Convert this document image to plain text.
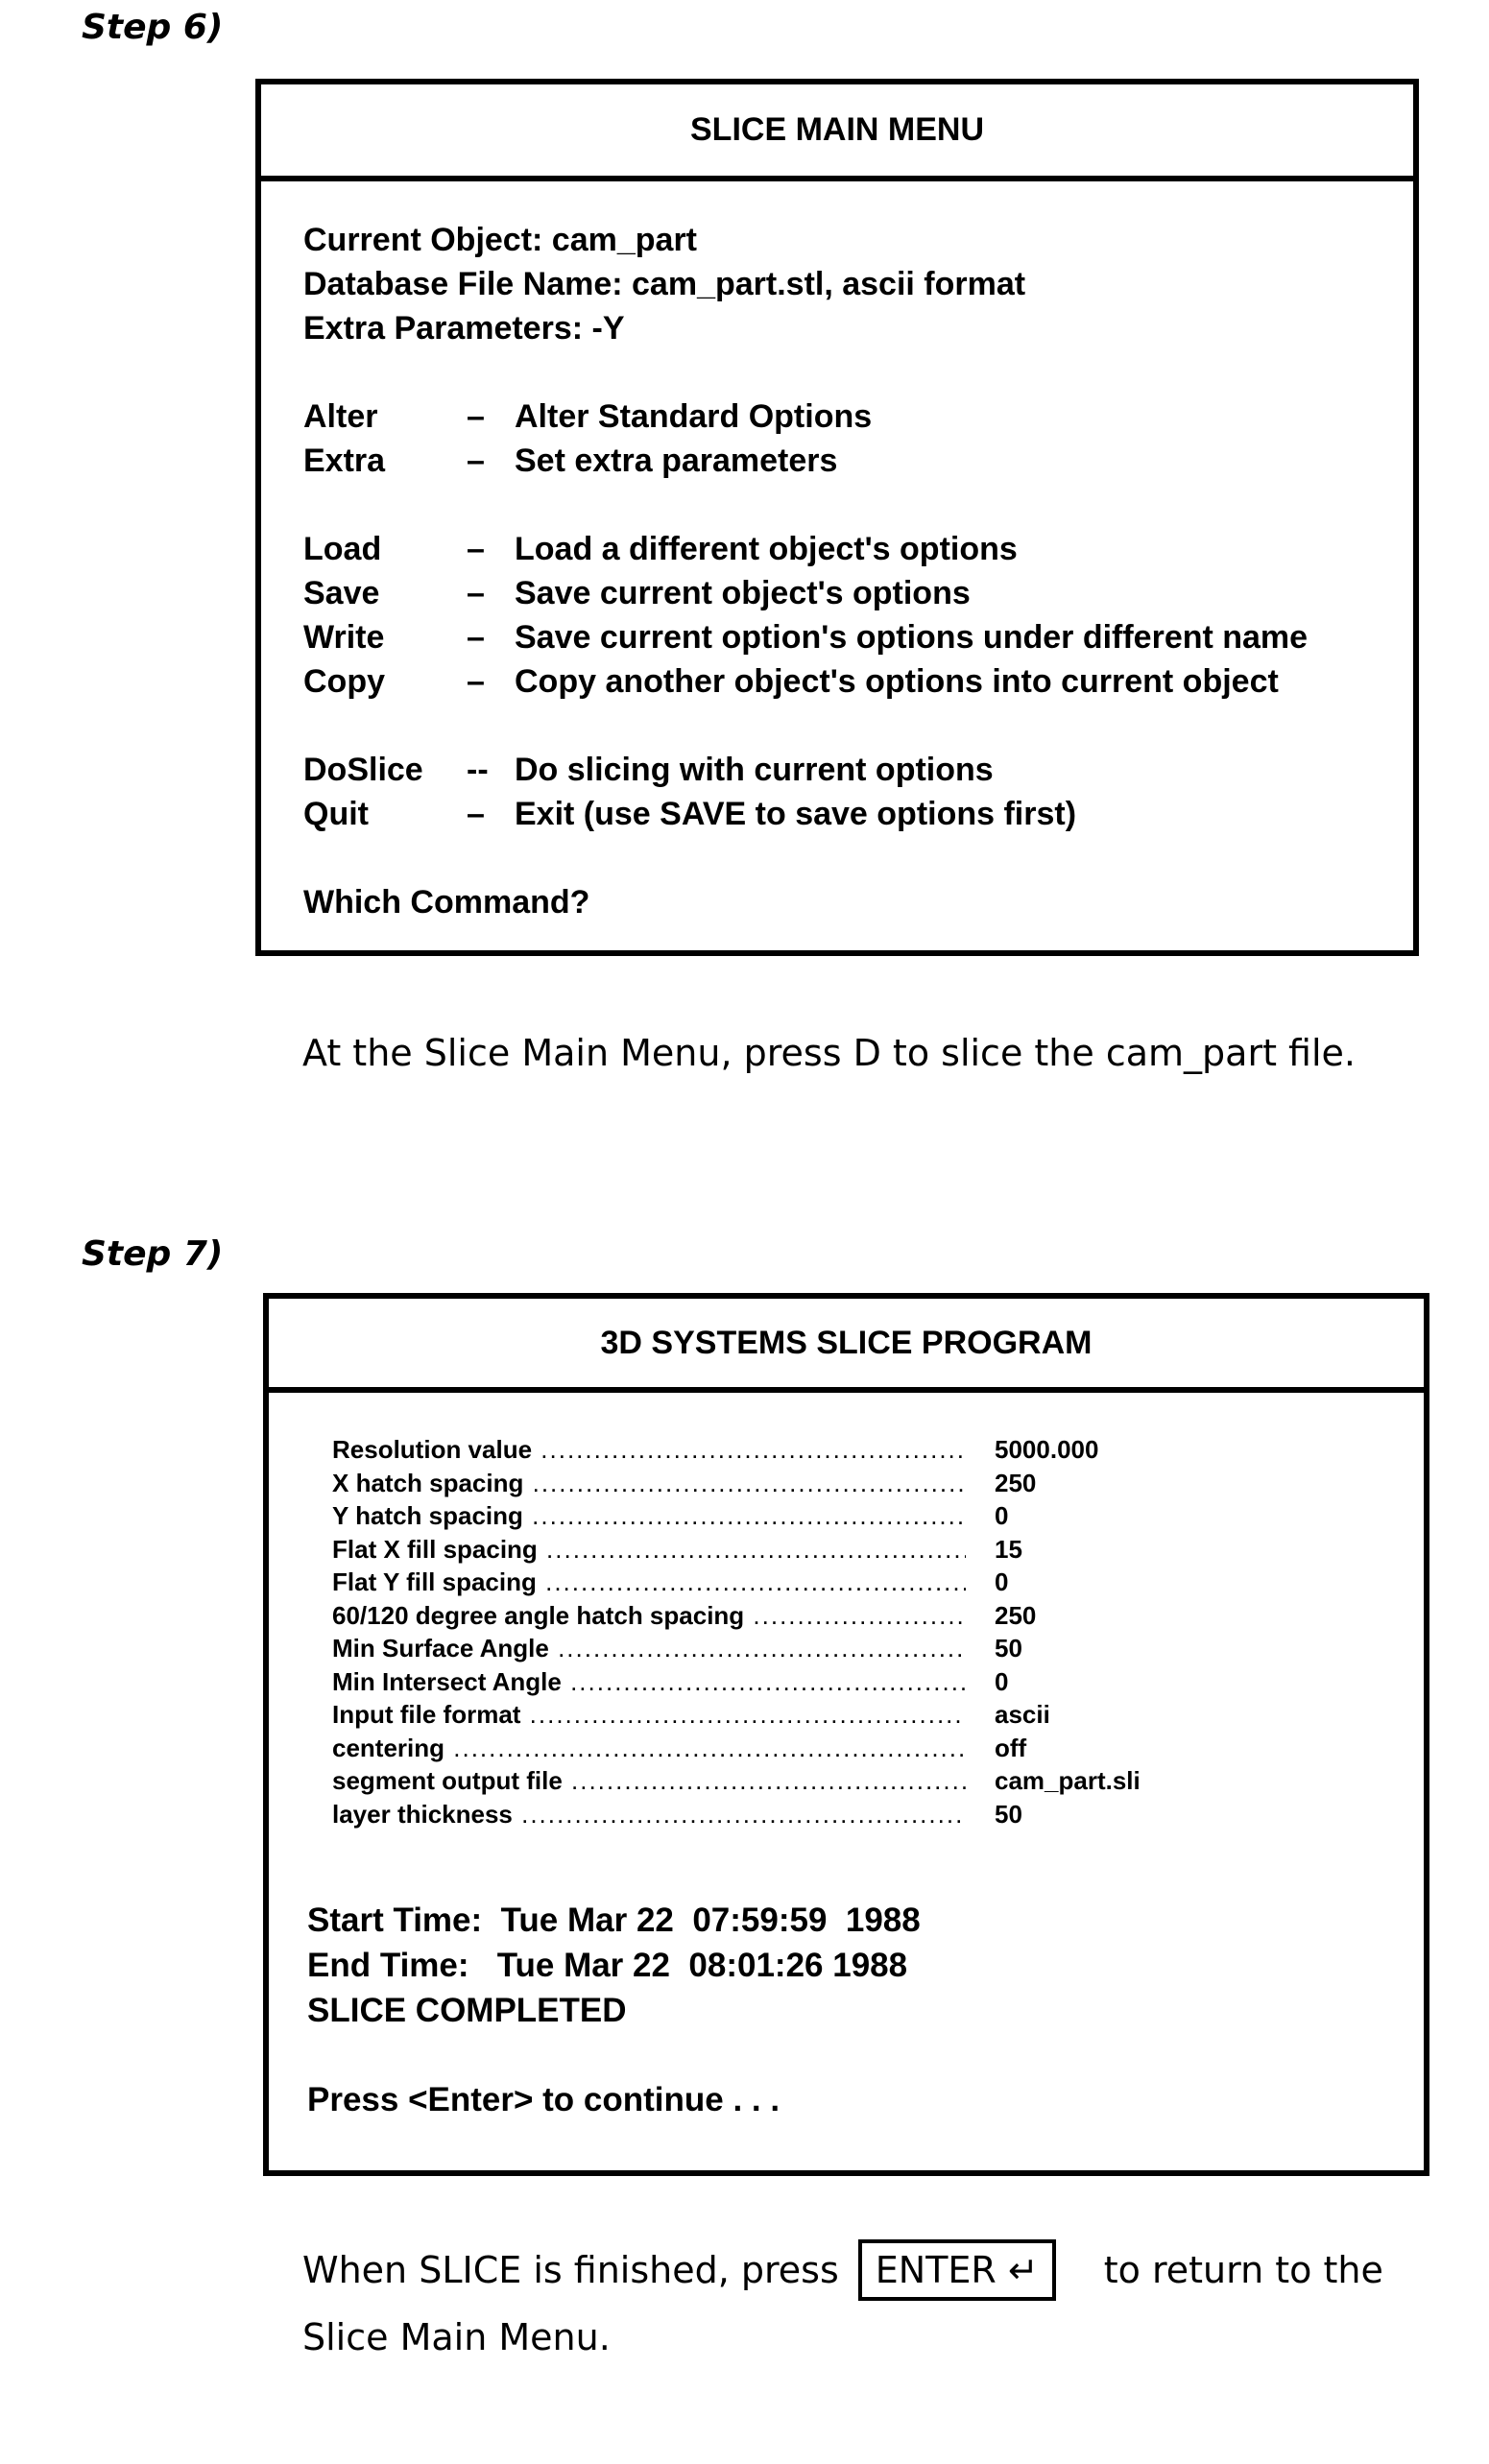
Step 6)
SLICE MAIN MENU
Current Object: cam_part
Database File Name: cam_part.stl, ascii format
Extra Parameters: -Y
Alter	– Alter Standard Options
Extra	– Set extra parameters
Load	– Load a different object's options
Save	– Save current object's options
Write	– Save current option's options under different name
Copy	– Copy another object's options into current object
DoSlice	-- Do slicing with current options
Quit	– Exit (use SAVE to save options first)
Which Command?
At the Slice Main Menu, press D to slice the cam_part file.
Step 7)
3D SYSTEMS SLICE PROGRAM
Resolution value .....	5000.000
X hatch spacing .....	250
Y hatch spacing .....	0
Flat X fill spacing .....	15
Flat Y fill spacing .....	0
60/120 degree angle hatch spacing .....	250
Min Surface Angle .....	50
Min Intersect Angle .....	0
Input file format .....	ascii
centering .....	off
segment output file .....	cam_part.sli
layer thickness .....	50
Start Time:  Tue Mar 22  07:59:59  1988
End Time:   Tue Mar 22  08:01:26 1988
SLICE COMPLETED
Press <Enter> to continue . . .
When SLICE is finished, press ENTER ↵ to return to the Slice Main Menu.
